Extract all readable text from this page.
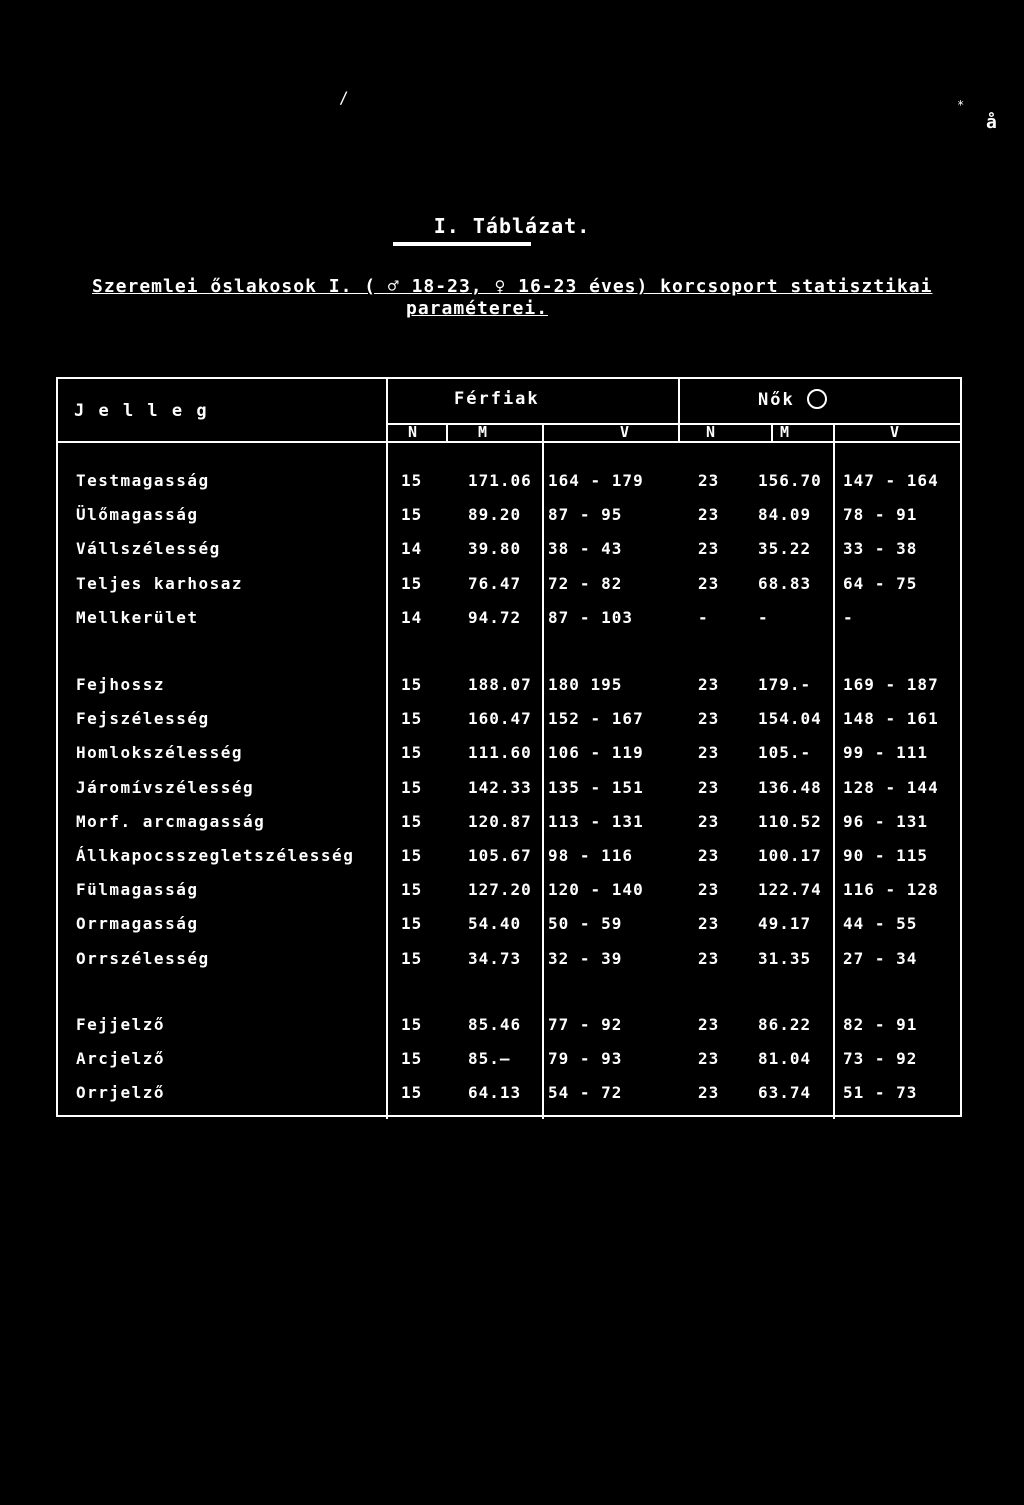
/	*
å
I. Táblázat.
Szeremlei őslakosok I. ( ♂ 18-23, ♀ 16-23 éves) korcsoport statisztikai
paraméterei.
J e l l e g
Férfiak	Nők
N	M	V	N	M	V
Testmagasság	15	171.06 164 - 179	23 156.70 147 - 164
Ülőmagasság	15	89.20 87 - 95	23 84.09 78 - 91
Vállszélesség	14	39.80 38 - 43	23 35.22 33 - 38
Teljes karhosaz	15	76.47 72 - 82	23 68.83 64 - 75
Mellkerület	14	94.72 87 - 103	-	-	-
Fejhossz	15	188.07 180 195	23 179.- 169 - 187
Fejszélesség	15	160.47 152 - 167	23 154.04 148 - 161
Homlokszélesség	15	111.60 106 - 119	23 105.- 99 - 111
Járomívszélesség	15	142.33 135 - 151	23 136.48 128 - 144
Morf. arcmagasság	15	120.87 113 - 131	23 110.52 96 - 131
Állkapocsszegletszélesség	15	105.67 98 - 116	23 100.17 90 - 115
Fülmagasság	15	127.20 120 - 140	23 122.74 116 - 128
Orrmagasság	15	54.40 50 - 59	23 49.17 44 - 55
Orrszélesség	15	34.73 32 - 39	23 31.35 27 - 34
Fejjelző	15	85.46 77 - 92	23 86.22 82 - 91
Arcjelző	15	85.— 79 - 93	23 81.04 73 - 92
Orrjelző	15	64.13 54 - 72	23 63.74 51 - 73
